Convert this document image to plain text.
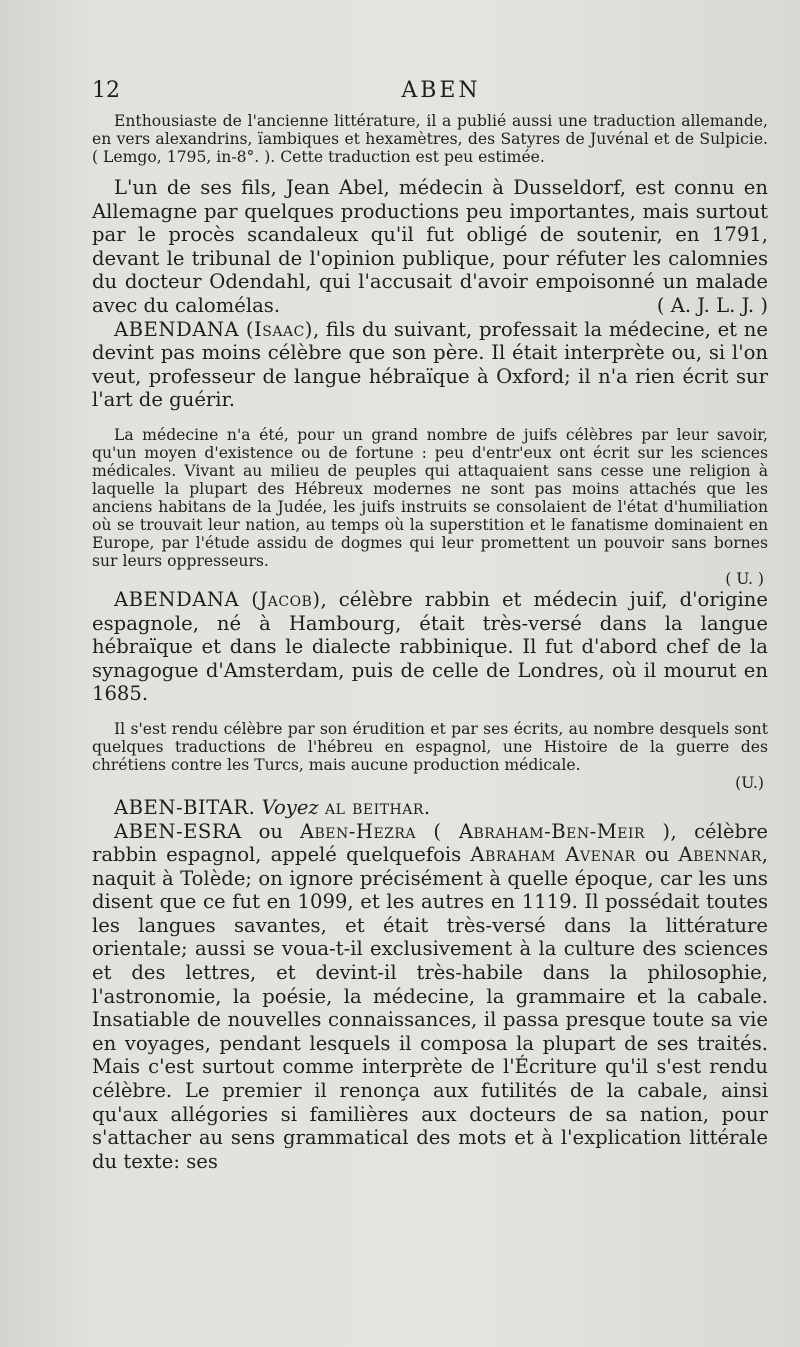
12	ABEN

Enthousiaste de l'ancienne littérature, il a publié aussi une traduction allemande, en vers alexandrins, ïambiques et hexamètres, des Satyres de Juvénal et de Sulpicie. ( Lemgo, 1795, in-8°. ). Cette traduction est peu estimée.

L'un de ses fils, Jean Abel, médecin à Dusseldorf, est connu en Allemagne par quelques productions peu importantes, mais surtout par le procès scandaleux qu'il fut obligé de soutenir, en 1791, devant le tribunal de l'opinion publique, pour réfuter les calomnies du docteur Odendahl, qui l'accusait d'avoir empoisonné un malade avec du calomélas.	( A. J. L. J. )

ABENDANA (Isaac), fils du suivant, professait la médecine, et ne devint pas moins célèbre que son père. Il était interprète ou, si l'on veut, professeur de langue hébraïque à Oxford; il n'a rien écrit sur l'art de guérir.

La médecine n'a été, pour un grand nombre de juifs célèbres par leur savoir, qu'un moyen d'existence ou de fortune : peu d'entr'eux ont écrit sur les sciences médicales. Vivant au milieu de peuples qui attaquaient sans cesse une religion à laquelle la plupart des Hébreux modernes ne sont pas moins attachés que les anciens habitans de la Judée, les juifs instruits se consolaient de l'état d'humiliation où se trouvait leur nation, au temps où la superstition et le fanatisme dominaient en Europe, par l'étude assidu de dogmes qui leur promettent un pouvoir sans bornes sur leurs oppresseurs.

( U. )

ABENDANA (Jacob), célèbre rabbin et médecin juif, d'origine espagnole, né à Hambourg, était très-versé dans la langue hébraïque et dans le dialecte rabbinique. Il fut d'abord chef de la synagogue d'Amsterdam, puis de celle de Londres, où il mourut en 1685.

Il s'est rendu célèbre par son érudition et par ses écrits, au nombre desquels sont quelques traductions de l'hébreu en espagnol, une Histoire de la guerre des chrétiens contre les Turcs, mais aucune production médicale.

(U.)

ABEN-BITAR. Voyez al beithar.

ABEN-ESRA ou Aben-Hezra ( Abraham-Ben-Meir ), célèbre rabbin espagnol, appelé quelquefois Abraham Avenar ou Abennar, naquit à Tolède; on ignore précisément à quelle époque, car les uns disent que ce fut en 1099, et les autres en 1119. Il possédait toutes les langues savantes, et était très-versé dans la littérature orientale; aussi se voua-t-il exclusivement à la culture des sciences et des lettres, et devint-il très-habile dans la philosophie, l'astronomie, la poésie, la médecine, la grammaire et la cabale. Insatiable de nouvelles connaissances, il passa presque toute sa vie en voyages, pendant lesquels il composa la plupart de ses traités. Mais c'est surtout comme interprète de l'Écriture qu'il s'est rendu célèbre. Le premier il renonça aux futilités de la cabale, ainsi qu'aux allégories si familières aux docteurs de sa nation, pour s'attacher au sens grammatical des mots et à l'explication littérale du texte: ses
